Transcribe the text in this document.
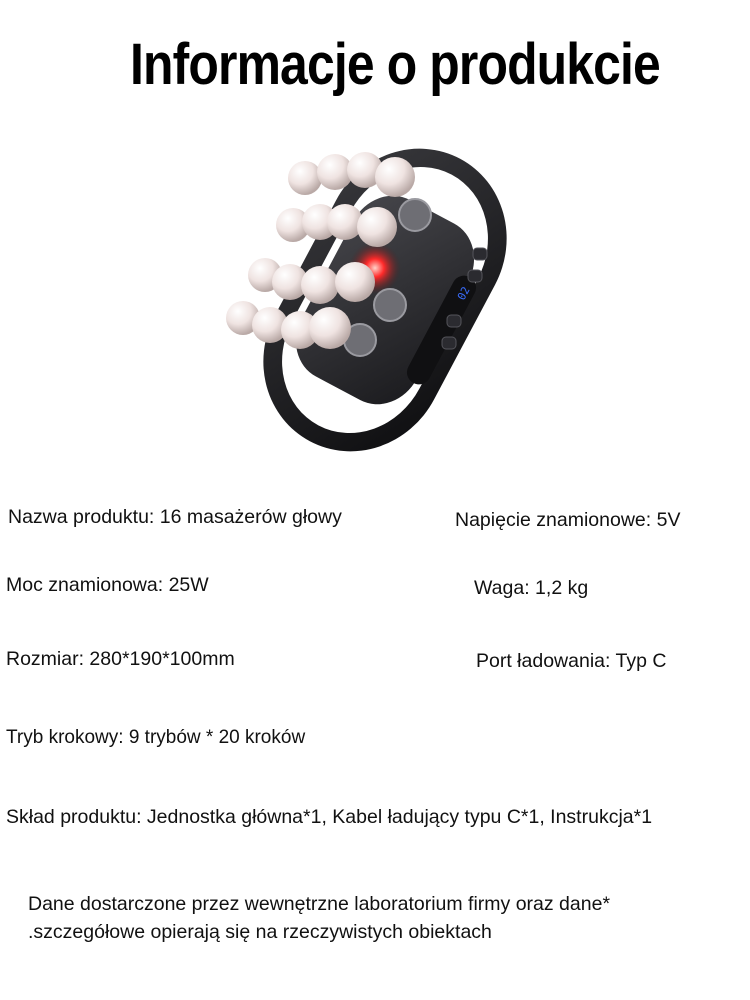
Informacje o produkcie
02
Nazwa produktu: 16 masażerów głowy	Napięcie znamionowe: 5V
Moc znamionowa: 25W	Waga: 1,2 kg
Rozmiar: 280*190*100mm	Port ładowania: Typ C
Tryb krokowy: 9 trybów * 20 kroków
Skład produktu: Jednostka główna*1, Kabel ładujący typu C*1, Instrukcja*1
Dane dostarczone przez wewnętrzne laboratorium firmy oraz dane*
.szczegółowe opierają się na rzeczywistych obiektach
